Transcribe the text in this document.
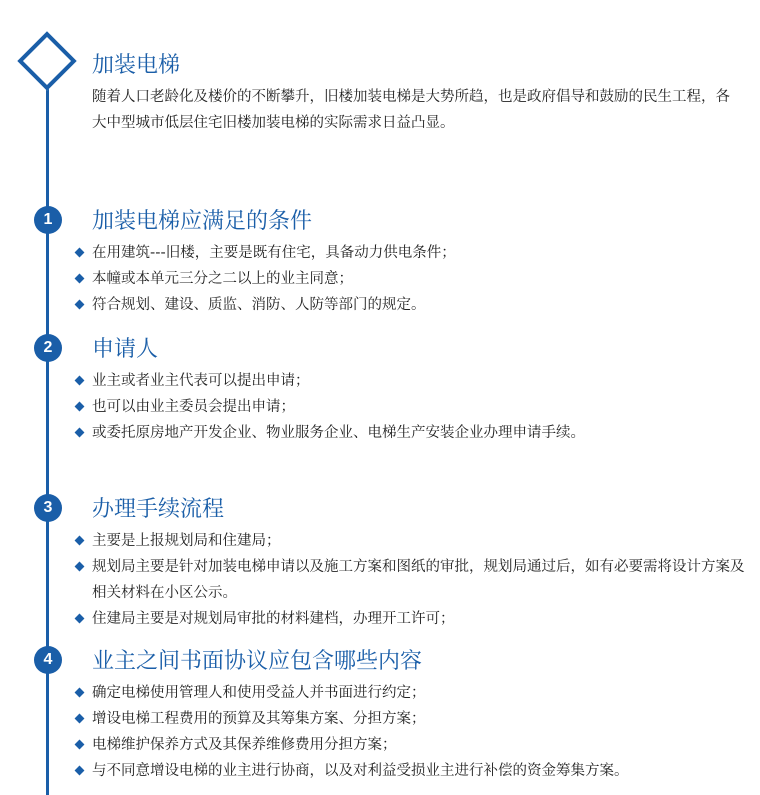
加装电梯
随着人口老龄化及楼价的不断攀升，旧楼加装电梯是大势所趋，也是政府倡导和鼓励的民生工程，各大中型城市低层住宅旧楼加装电梯的实际需求日益凸显。
1	加装电梯应满足的条件
在用建筑---旧楼，主要是既有住宅，具备动力供电条件；
本幢或本单元三分之二以上的业主同意；
符合规划、建设、质监、消防、人防等部门的规定。
2	申请人
业主或者业主代表可以提出申请；
也可以由业主委员会提出申请；
或委托原房地产开发企业、物业服务企业、电梯生产安装企业办理申请手续。
3	办理手续流程
主要是上报规划局和住建局；
规划局主要是针对加装电梯申请以及施工方案和图纸的审批，规划局通过后，如有必要需将设计方案及相关材料在小区公示。
住建局主要是对规划局审批的材料建档，办理开工许可；
4	业主之间书面协议应包含哪些内容
确定电梯使用管理人和使用受益人并书面进行约定；
增设电梯工程费用的预算及其筹集方案、分担方案；
电梯维护保养方式及其保养维修费用分担方案；
与不同意增设电梯的业主进行协商，以及对利益受损业主进行补偿的资金筹集方案。
